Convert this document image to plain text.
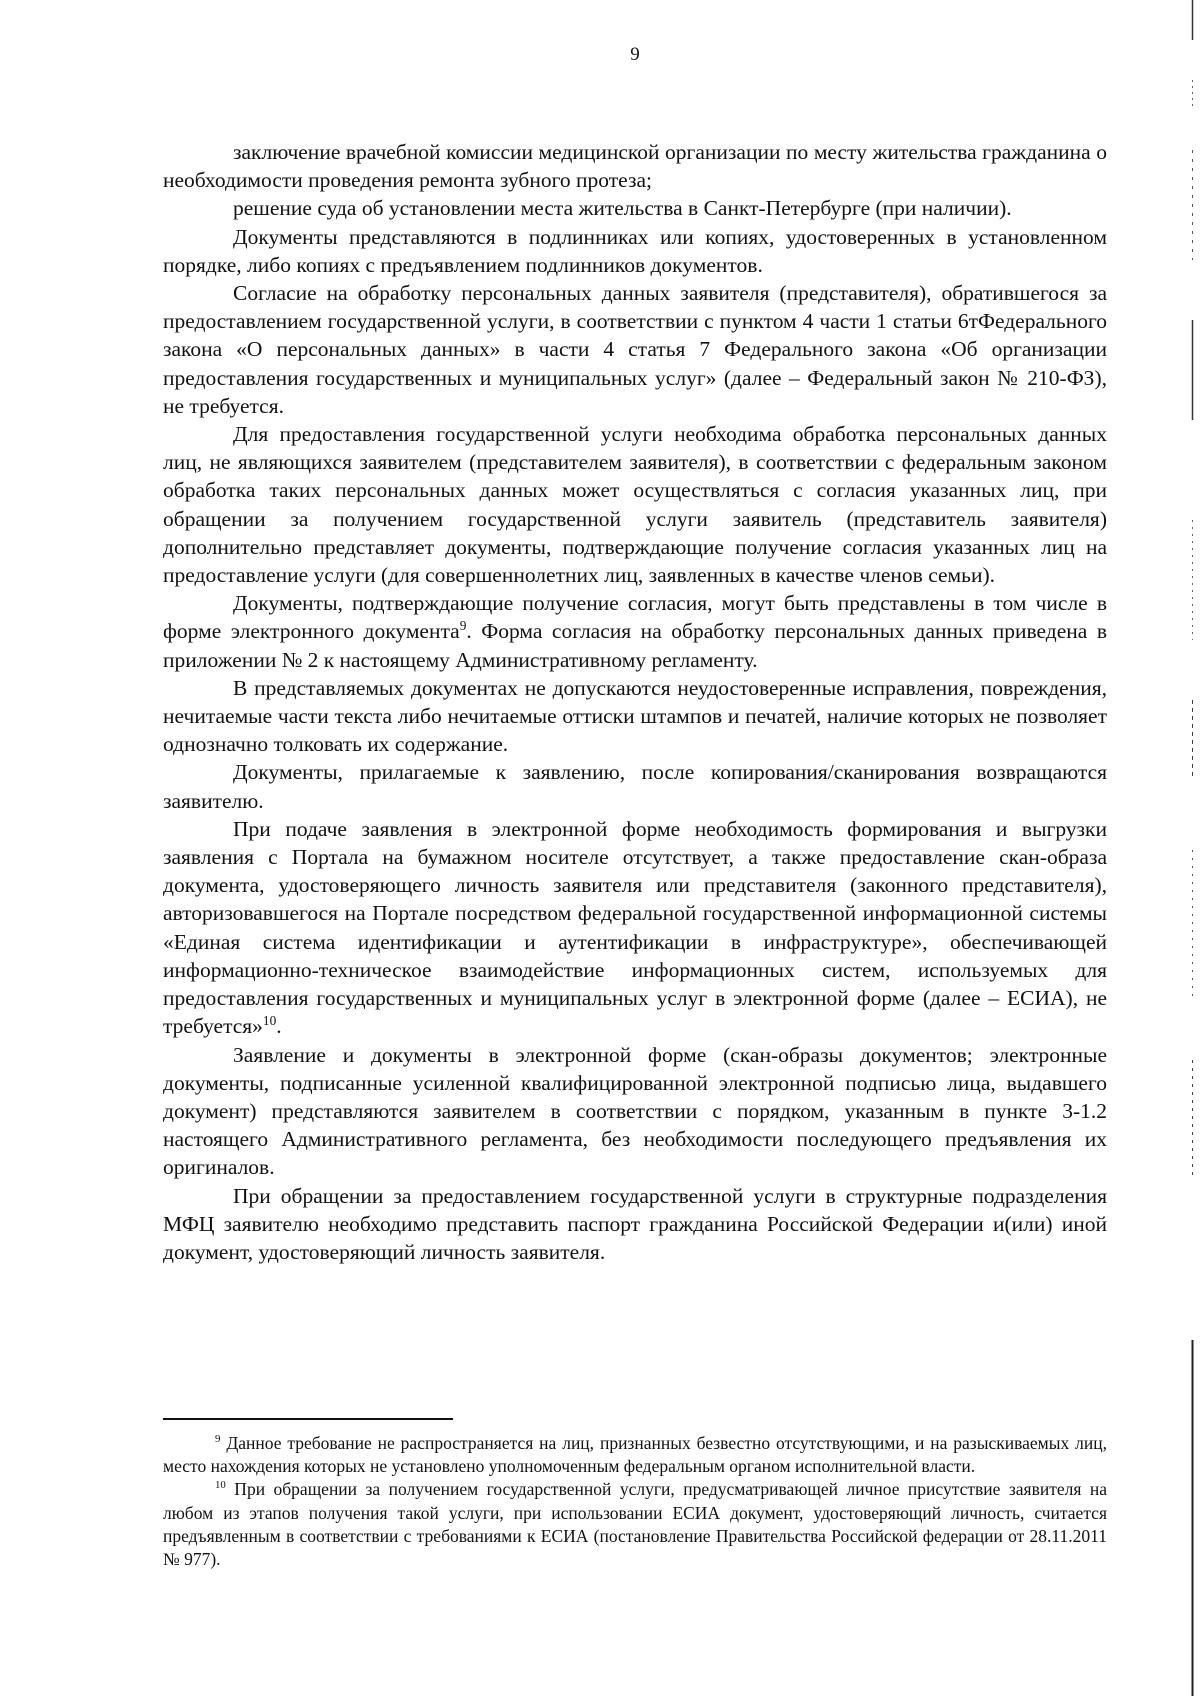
9

заключение врачебной комиссии медицинской организации по месту жительства гражданина о необходимости проведения ремонта зубного протеза;

решение суда об установлении места жительства в Санкт-Петербурге (при наличии).

Документы представляются в подлинниках или копиях, удостоверенных в установленном порядке, либо копиях с предъявлением подлинников документов.

Согласие на обработку персональных данных заявителя (представителя), обратившегося за предоставлением государственной услуги, в соответствии с пунктом 4 части 1 статьи 6тФедерального закона «О персональных данных» в части 4 статья 7 Федерального закона «Об организации предоставления государственных и муниципальных услуг» (далее – Федеральный закон № 210-ФЗ), не требуется.

Для предоставления государственной услуги необходима обработка персональных данных лиц, не являющихся заявителем (представителем заявителя), в соответствии с федеральным законом обработка таких персональных данных может осуществляться с согласия указанных лиц, при обращении за получением государственной услуги заявитель (представитель заявителя) дополнительно представляет документы, подтверждающие получение согласия указанных лиц на предоставление услуги (для совершеннолетних лиц, заявленных в качестве членов семьи).

Документы, подтверждающие получение согласия, могут быть представлены в том числе в форме электронного документа$^9$. Форма согласия на обработку персональных данных приведена в приложении № 2 к настоящему Административному регламенту.

В представляемых документах не допускаются неудостоверенные исправления, повреждения, нечитаемые части текста либо нечитаемые оттиски штампов и печатей, наличие которых не позволяет однозначно толковать их содержание.

Документы, прилагаемые к заявлению, после копирования/сканирования возвращаются заявителю.

При подаче заявления в электронной форме необходимость формирования и выгрузки заявления с Портала на бумажном носителе отсутствует, а также предоставление скан-образа документа, удостоверяющего личность заявителя или представителя (законного представителя), авторизовавшегося на Портале посредством федеральной государственной информационной системы «Единая система идентификации и аутентификации в инфраструктуре», обеспечивающей информационно-техническое взаимодействие информационных систем, используемых для предоставления государственных и муниципальных услуг в электронной форме (далее – ЕСИА), не требуется»$^{10}$.

Заявление и документы в электронной форме (скан-образы документов; электронные документы, подписанные усиленной квалифицированной электронной подписью лица, выдавшего документ) представляются заявителем в соответствии с порядком, указанным в пункте 3-1.2 настоящего Административного регламента, без необходимости последующего предъявления их оригиналов.

При обращении за предоставлением государственной услуги в структурные подразделения МФЦ заявителю необходимо представить паспорт гражданина Российской Федерации и(или) иной документ, удостоверяющий личность заявителя.

$^9$ Данное требование не распространяется на лиц, признанных безвестно отсутствующими, и на разыскиваемых лиц, место нахождения которых не установлено уполномоченным федеральным органом исполнительной власти.

$^{10}$ При обращении за получением государственной услуги, предусматривающей личное присутствие заявителя на любом из этапов получения такой услуги, при использовании ЕСИА документ, удостоверяющий личность, считается предъявленным в соответствии с требованиями к ЕСИА (постановление Правительства Российской федерации от 28.11.2011 № 977).
